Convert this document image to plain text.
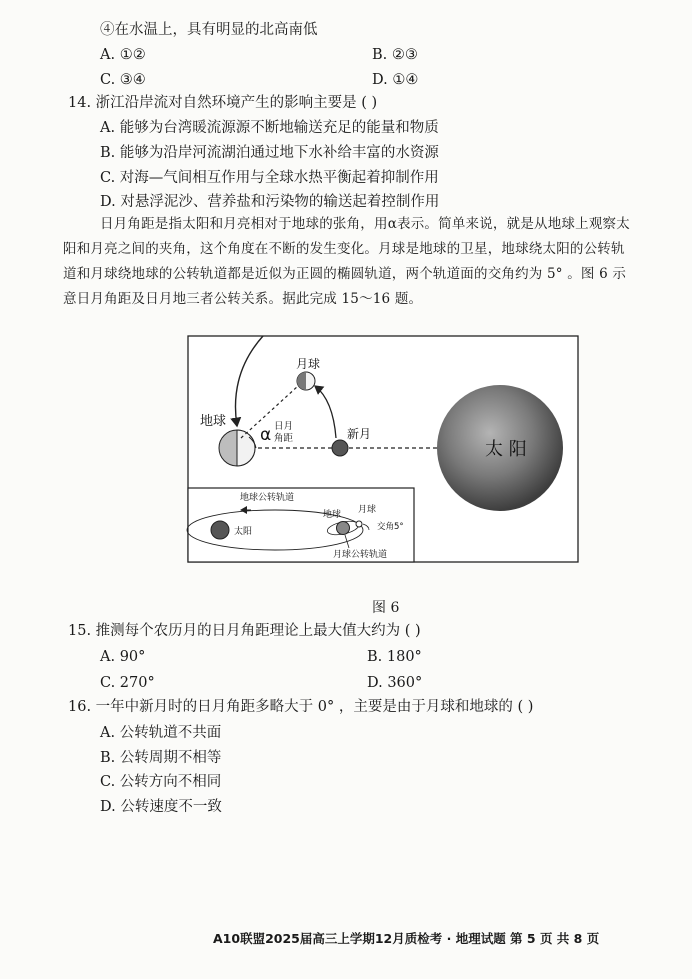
④在水温上，具有明显的北高南低
A. ①②	B. ②③
C. ③④	D. ①④
14. 浙江沿岸流对自然环境产生的影响主要是 ( )
A. 能够为台湾暖流源源不断地输送充足的能量和物质
B. 能够为沿岸河流湖泊通过地下水补给丰富的水资源
C. 对海—气间相互作用与全球水热平衡起着抑制作用
D. 对悬浮泥沙、营养盐和污染物的输送起着控制作用
日月角距是指太阳和月亮相对于地球的张角，用α表示。简单来说，就是从地球上观察太
阳和月亮之间的夹角，这个角度在不断的发生变化。月球是地球的卫星，地球绕太阳的公转轨
道和月球绕地球的公转轨道都是近似为正圆的椭圆轨道，两个轨道面的交角约为 5° 。图 6 示
意日月角距及日月地三者公转关系。据此完成 15～16 题。
太 阳
地球
新月
月球
α 日月
角距
地球公转轨道
太阳
地球 月球
交角5°
月球公转轨道
图 6
15. 推测每个农历月的日月角距理论上最大值大约为 ( )
A. 90°	B. 180°
C. 270°	D. 360°
16. 一年中新月时的日月角距多略大于 0° ，主要是由于月球和地球的 ( )
A. 公转轨道不共面
B. 公转周期不相等
C. 公转方向不相同
D. 公转速度不一致
A10联盟2025届高三上学期12月质检考 · 地理试题 第 5 页 共 8 页
